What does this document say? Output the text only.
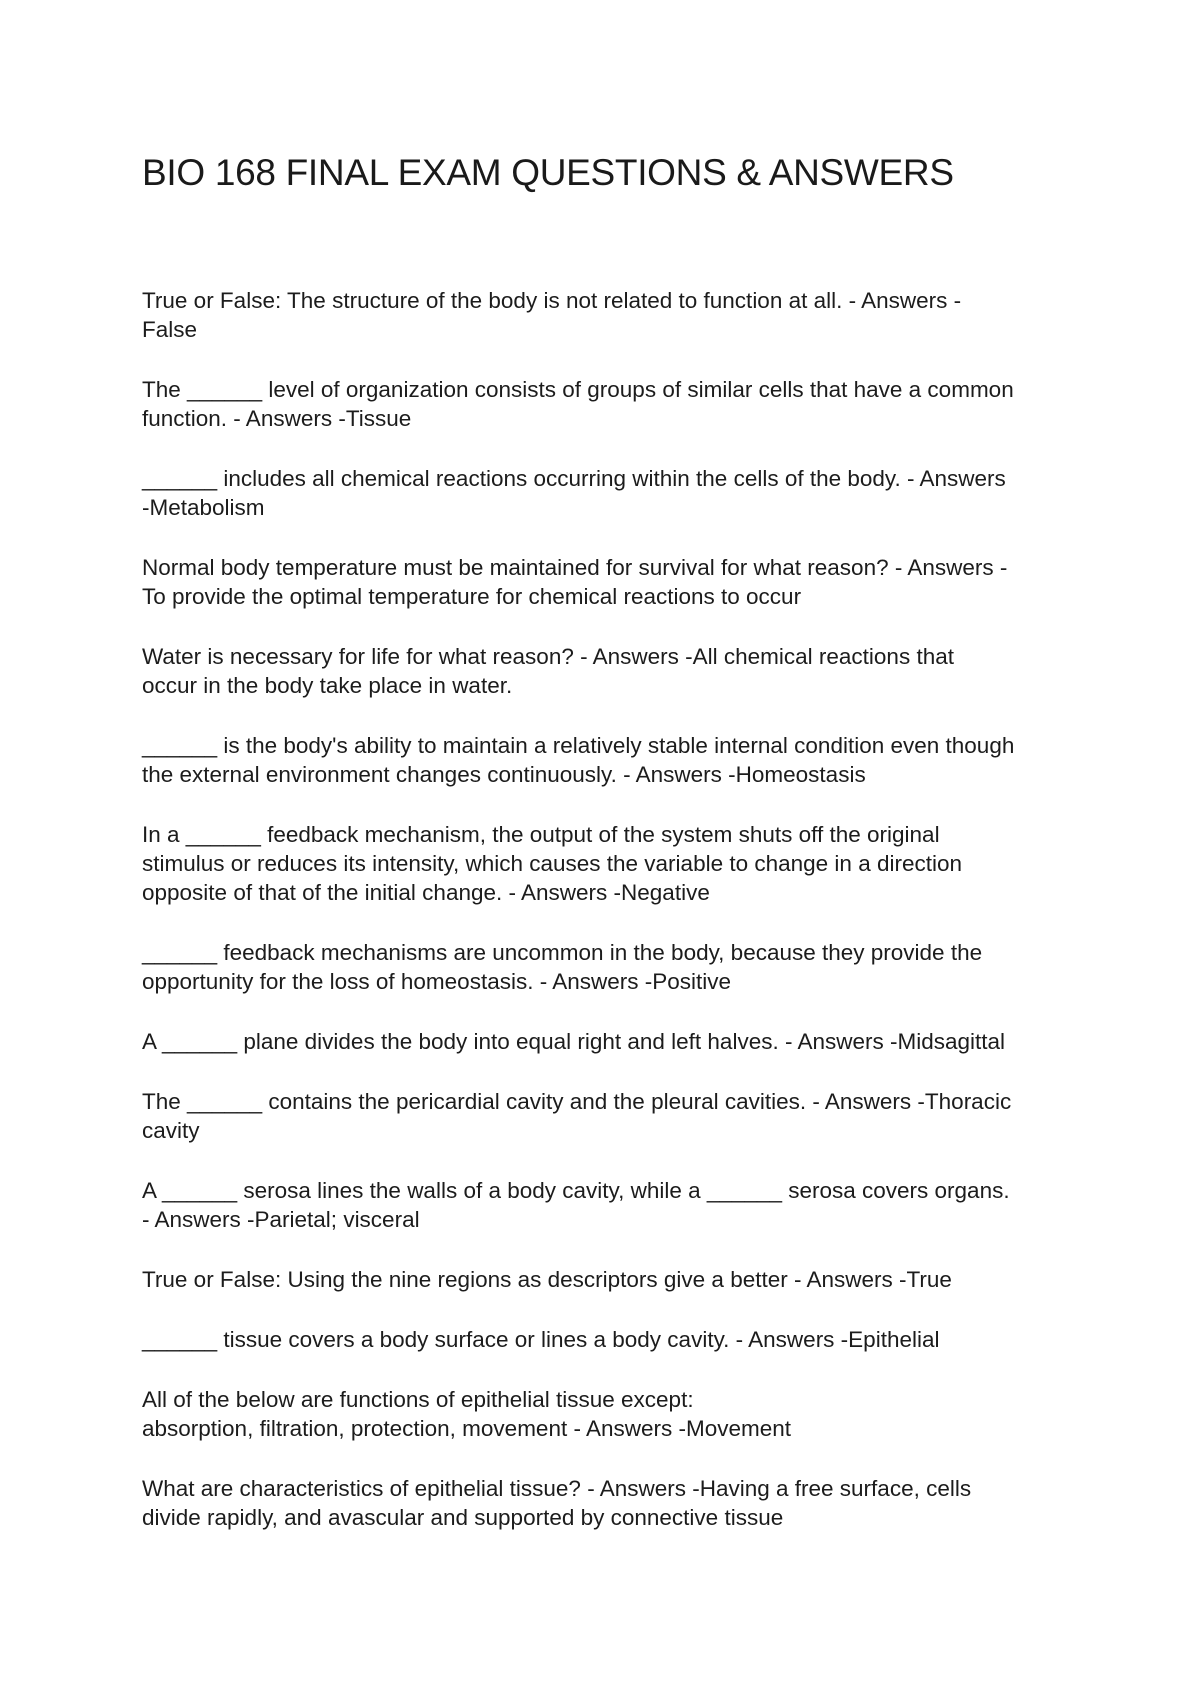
BIO 168 FINAL EXAM QUESTIONS & ANSWERS
True or False: The structure of the body is not related to function at all. - Answers -
False
The ______ level of organization consists of groups of similar cells that have a common
function. - Answers -Tissue
______ includes all chemical reactions occurring within the cells of the body. - Answers
-Metabolism
Normal body temperature must be maintained for survival for what reason? - Answers -
To provide the optimal temperature for chemical reactions to occur
Water is necessary for life for what reason? - Answers -All chemical reactions that
occur in the body take place in water.
______ is the body's ability to maintain a relatively stable internal condition even though
the external environment changes continuously. - Answers -Homeostasis
In a ______ feedback mechanism, the output of the system shuts off the original
stimulus or reduces its intensity, which causes the variable to change in a direction
opposite of that of the initial change. - Answers -Negative
______ feedback mechanisms are uncommon in the body, because they provide the
opportunity for the loss of homeostasis. - Answers -Positive
A ______ plane divides the body into equal right and left halves. - Answers -Midsagittal
The ______ contains the pericardial cavity and the pleural cavities. - Answers -Thoracic
cavity
A ______ serosa lines the walls of a body cavity, while a ______ serosa covers organs.
- Answers -Parietal; visceral
True or False: Using the nine regions as descriptors give a better - Answers -True
______ tissue covers a body surface or lines a body cavity. - Answers -Epithelial
All of the below are functions of epithelial tissue except:
absorption, filtration, protection, movement - Answers -Movement
What are characteristics of epithelial tissue? - Answers -Having a free surface, cells
divide rapidly, and avascular and supported by connective tissue
